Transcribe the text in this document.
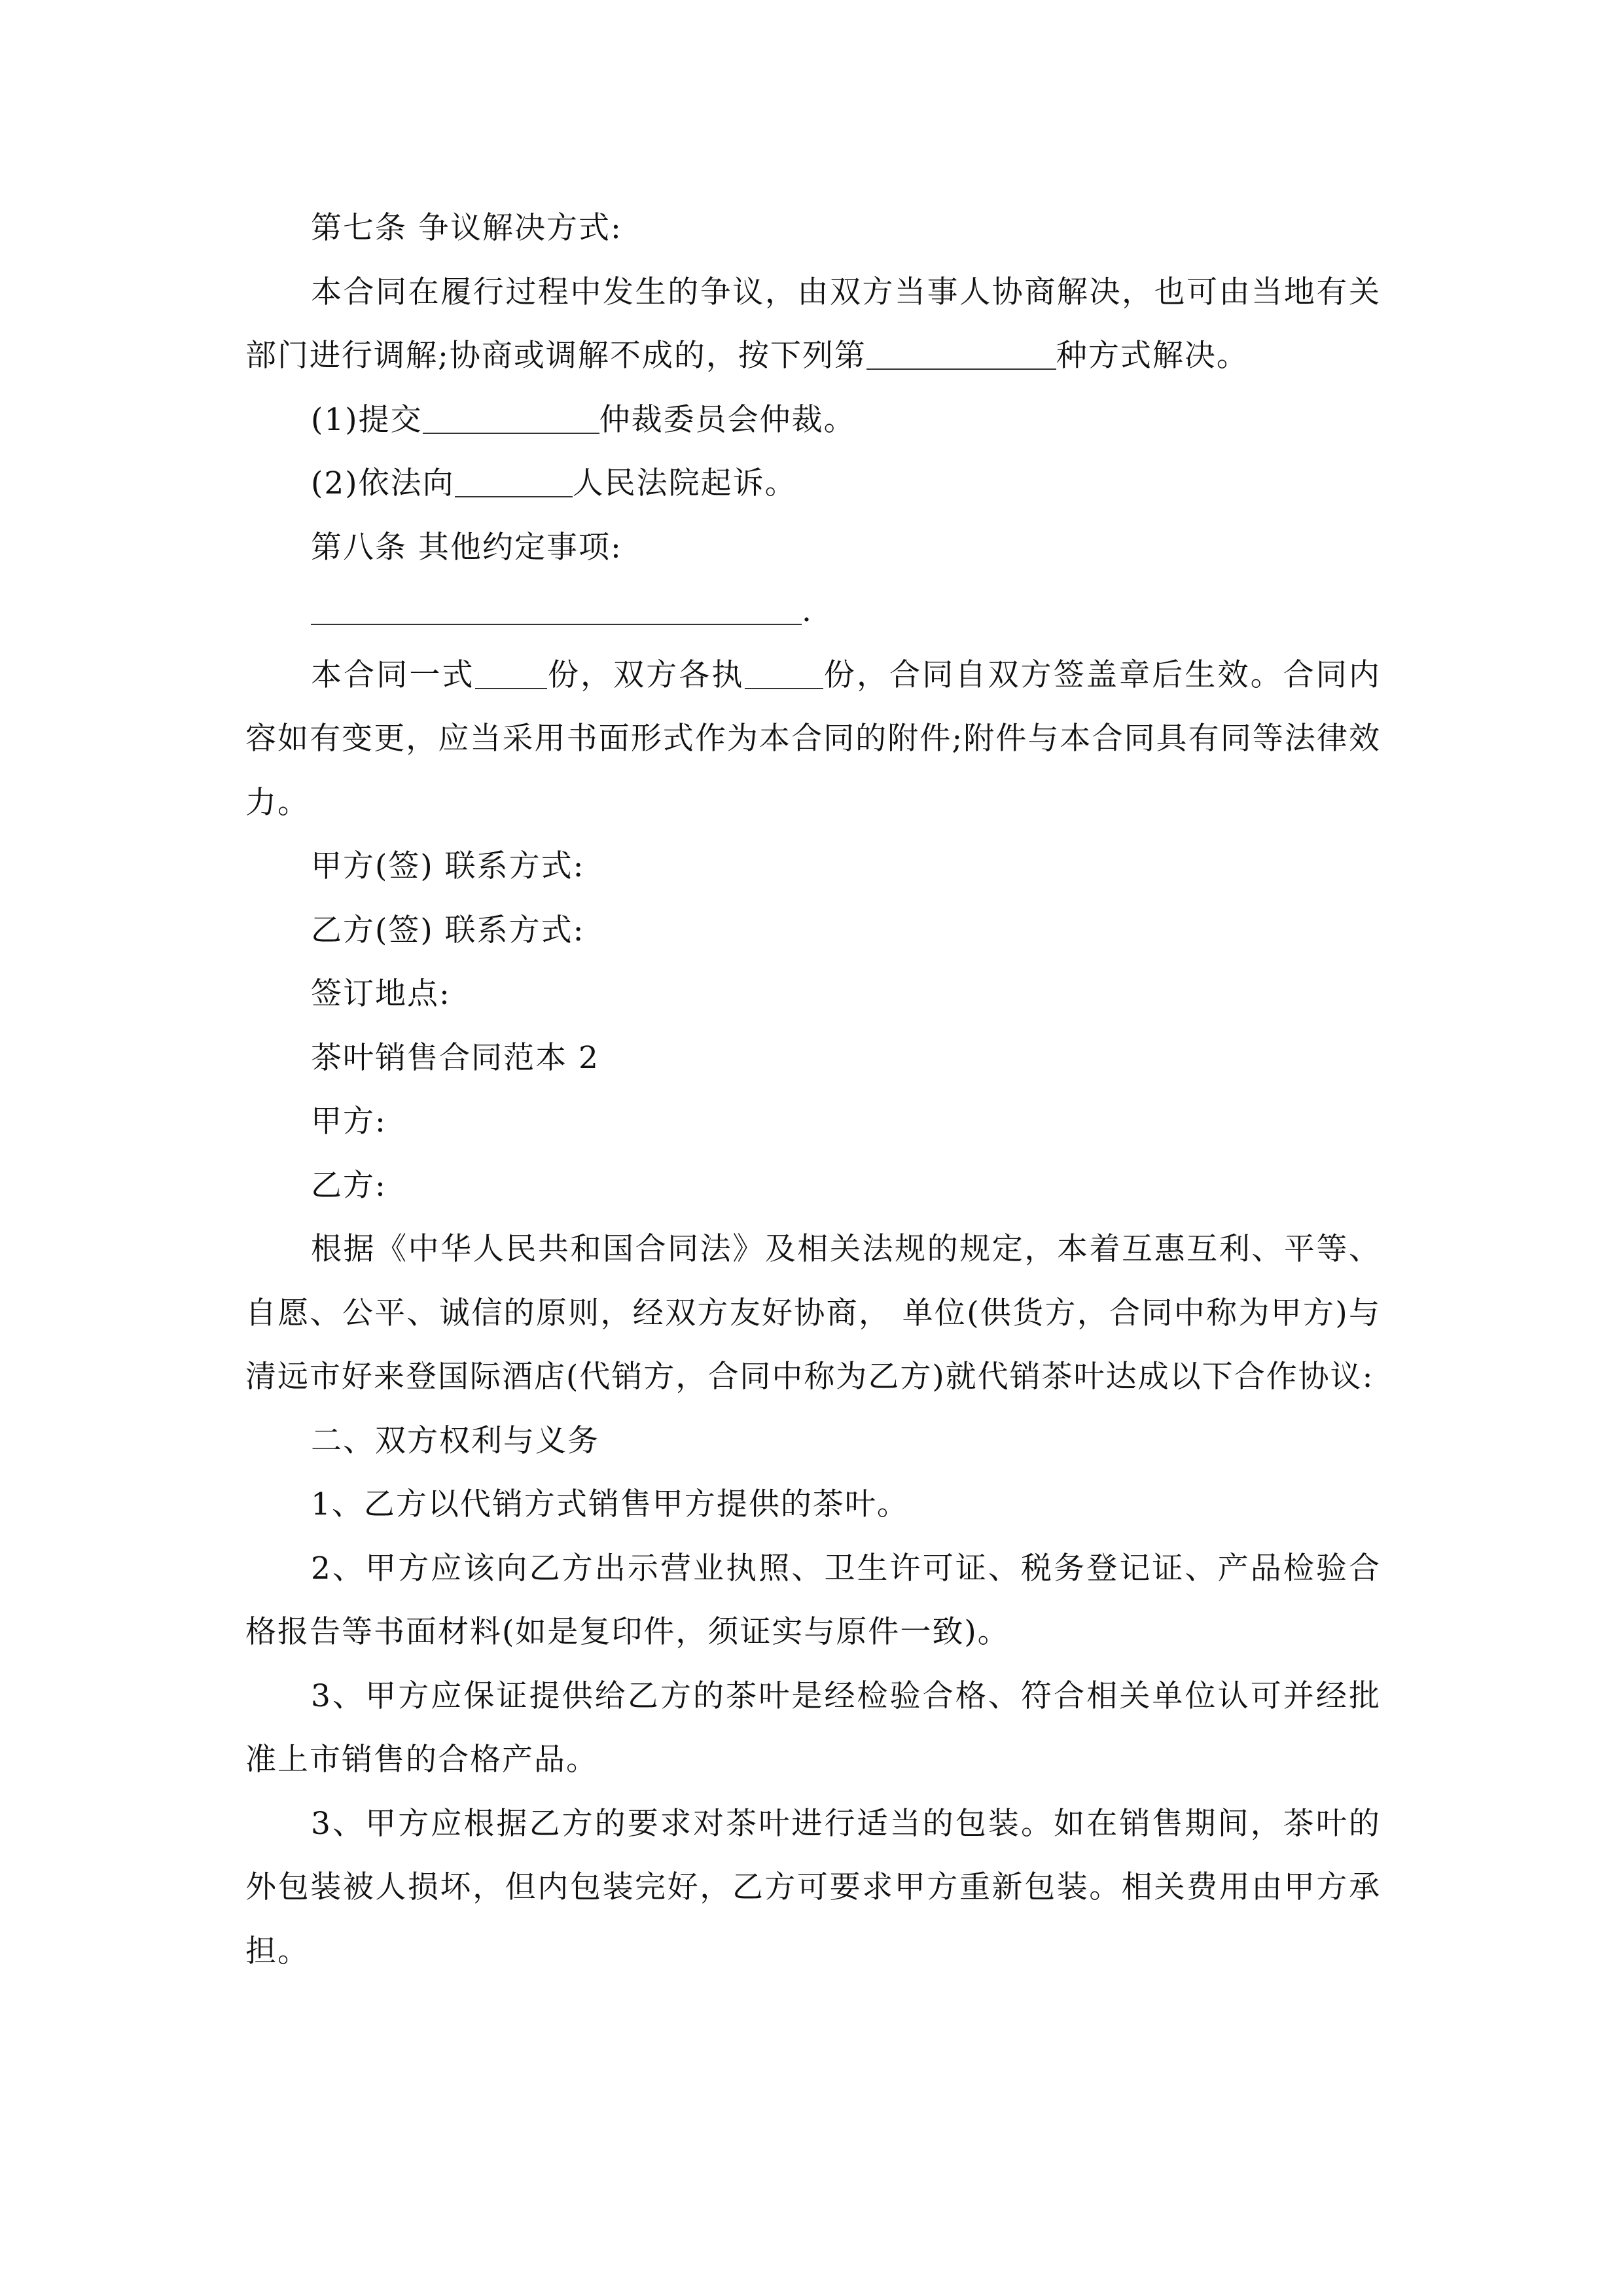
第七条 争议解决方式:

本合同在履行过程中发生的争议，由双方当事人协商解决，也可由当地有关部门进行调解;协商或调解不成的，按下列第	种方式解决。

(1)提交	仲裁委员会仲裁。

(2)依法向	人民法院起诉。

第八条 其他约定事项:

.

本合同一式 份，双方各执	份，合同自双方签盖章后生效。合同内容如有变更，应当采用书面形式作为本合同的附件;附件与本合同具有同等法律效力。

甲方(签) 联系方式:

乙方(签) 联系方式:

签订地点:

茶叶销售合同范本 2

甲方:

乙方:

根据《中华人民共和国合同法》及相关法规的规定，本着互惠互利、平等、自愿、公平、诚信的原则，经双方友好协商， 单位(供货方，合同中称为甲方)与清远市好来登国际酒店(代销方，合同中称为乙方)就代销茶叶达成以下合作协议:

二、双方权利与义务

1、乙方以代销方式销售甲方提供的茶叶。

2、甲方应该向乙方出示营业执照、卫生许可证、税务登记证、产品检验合格报告等书面材料(如是复印件，须证实与原件一致)。

3、甲方应保证提供给乙方的茶叶是经检验合格、符合相关单位认可并经批准上市销售的合格产品。

3、甲方应根据乙方的要求对茶叶进行适当的包装。如在销售期间，茶叶的外包装被人损坏，但内包装完好，乙方可要求甲方重新包装。相关费用由甲方承担。
